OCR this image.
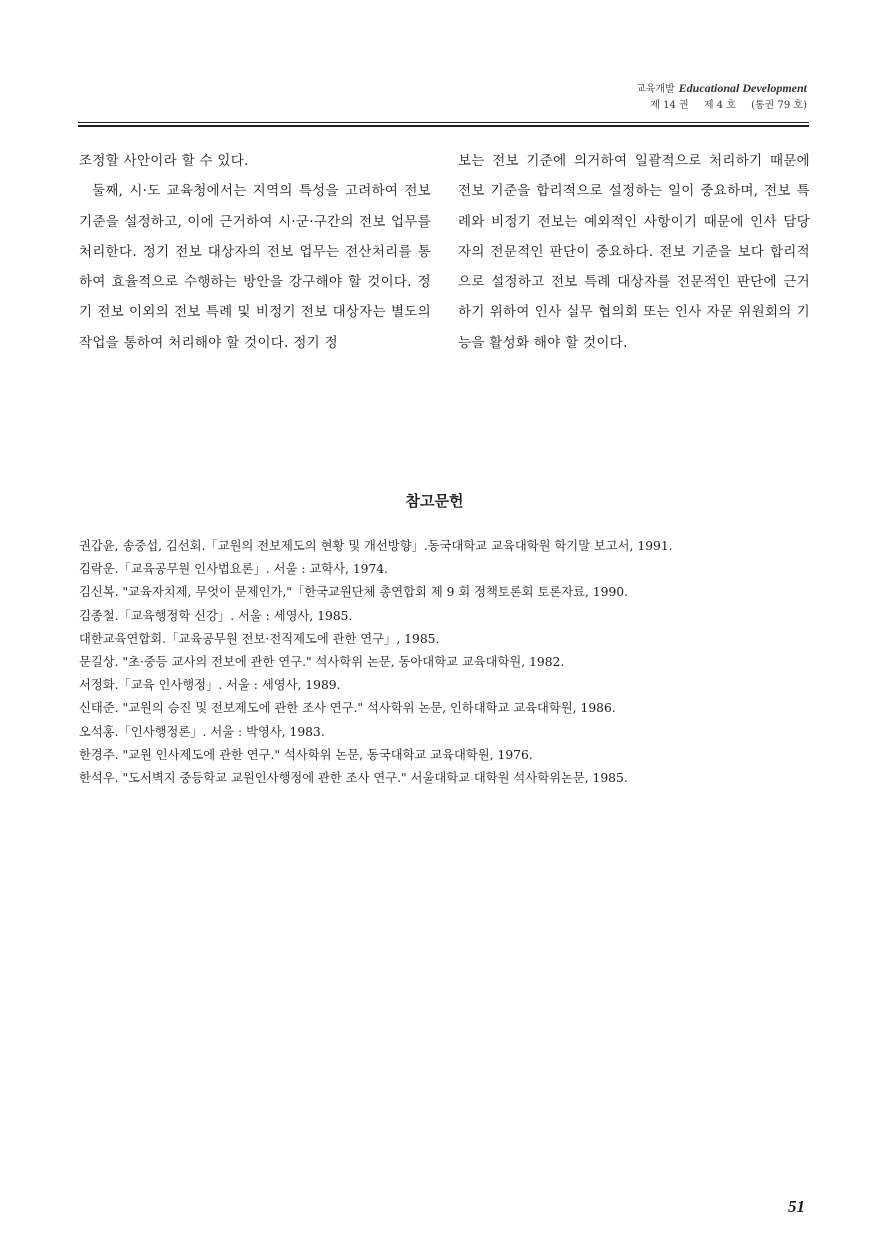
교육개발 Educational Development
제 14 권 제 4 호 (통권 79 호)

조정할 사안이라 할 수 있다.

둘째, 시·도 교육청에서는 지역의 특성을 고려하여 전보 기준을 설정하고, 이에 근거하여 시·군·구간의 전보 업무를 처리한다. 정기 전보 대상자의 전보 업무는 전산처리를 통하여 효율적으로 수행하는 방안을 강구해야 할 것이다. 정기 전보 이외의 전보 특례 및 비정기 전보 대상자는 별도의 작업을 통하여 처리해야 할 것이다. 정기 정

보는 전보 기준에 의거하여 일괄적으로 처리하기 때문에 전보 기준을 합리적으로 설정하는 일이 중요하며, 전보 특례와 비정기 전보는 예외적인 사항이기 때문에 인사 담당자의 전문적인 판단이 중요하다. 전보 기준을 보다 합리적으로 설정하고 전보 특례 대상자를 전문적인 판단에 근거하기 위하여 인사 실무 협의회 또는 인사 자문 위원회의 기능을 활성화 해야 할 것이다.

참고문헌
권갑윤, 송중섭, 김선회.「교원의 전보제도의 현황 및 개선방향」.동국대학교 교육대학원 학기말 보고서, 1991.
김락운.「교육공무원 인사법요론」. 서울 : 교학사, 1974.
김신복. "교육자치제, 무엇이 문제인가,"「한국교원단체 총연합회 제 9 회 정책토론회 토론자료, 1990.
김종철.「교육행정학 신강」. 서울 : 세영사, 1985.
대한교육연합회.「교육공무원 전보·전직제도에 관한 연구」, 1985.
문길상. "초·중등 교사의 전보에 관한 연구." 석사학위 논문, 동아대학교 교육대학원, 1982.
서정화.「교육 인사행정」. 서울 : 세영사, 1989.
신태준. "교원의 승진 및 전보제도에 관한 조사 연구." 석사학위 논문, 인하대학교 교육대학원, 1986.
오석홍.「인사행정론」. 서울 : 박영사, 1983.
한경주. "교원 인사제도에 관한 연구." 석사학위 논문, 동국대학교 교육대학원, 1976.
한석우. "도서벽지 중등학교 교원인사행정에 관한 조사 연구." 서울대학교 대학원 석사학위논문, 1985.
51
